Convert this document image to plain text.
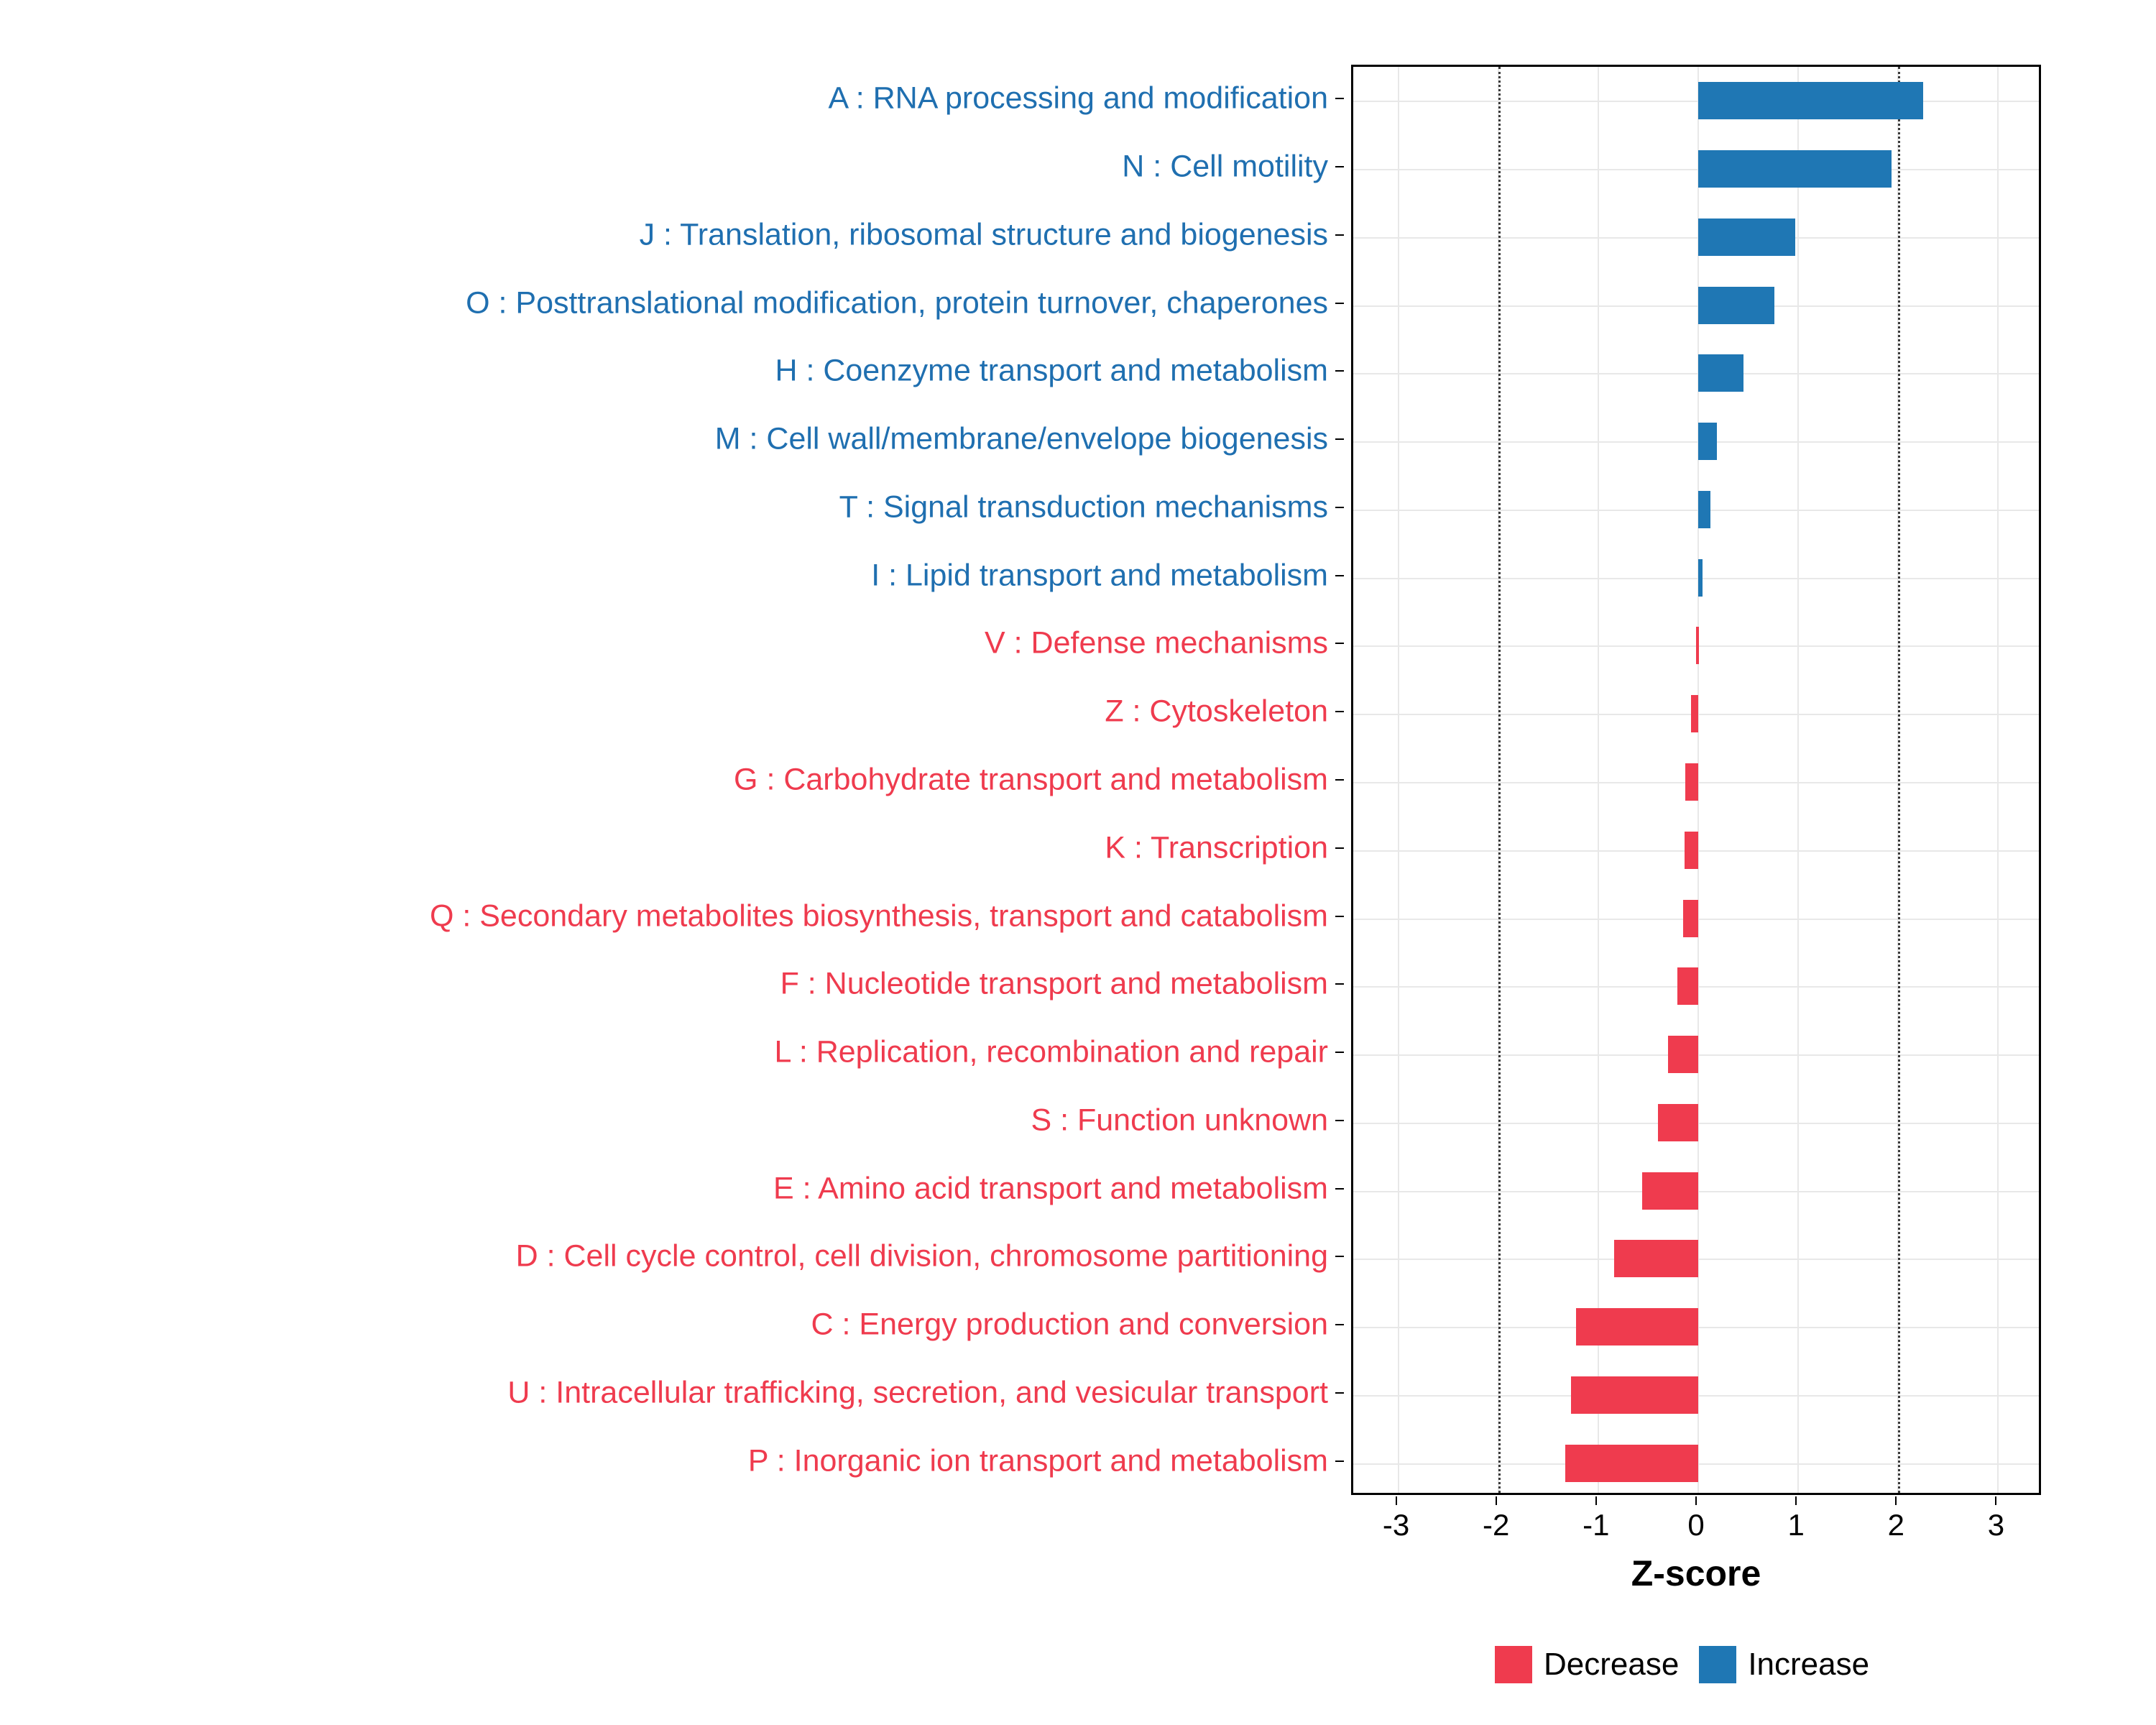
A : RNA processing and modification
N : Cell motility
J : Translation, ribosomal structure and biogenesis
O : Posttranslational modification, protein turnover, chaperones
H : Coenzyme transport and metabolism
M : Cell wall/membrane/envelope biogenesis
T : Signal transduction mechanisms
I : Lipid transport and metabolism
V : Defense mechanisms
Z : Cytoskeleton
G : Carbohydrate transport and metabolism
K : Transcription
Q : Secondary metabolites biosynthesis, transport and catabolism
F : Nucleotide transport and metabolism
L : Replication, recombination and repair
S : Function unknown
E : Amino acid transport and metabolism
D : Cell cycle control, cell division, chromosome partitioning
C : Energy production and conversion
U : Intracellular trafficking, secretion, and vesicular transport
P : Inorganic ion transport and metabolism
-3 -2 -1	0	1	2	3
Z-score
Decrease Increase
